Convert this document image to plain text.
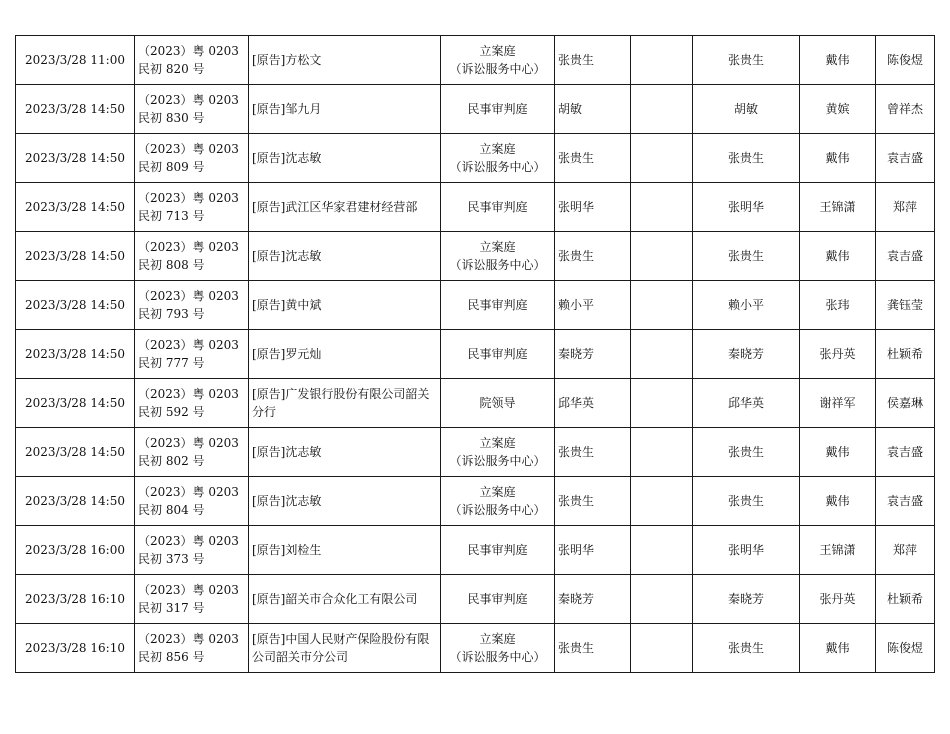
2023/3/28 11:00	（2023）粤 0203
民初 820 号	[原告]方松文	立案庭
（诉讼服务中心）	张贵生		张贵生	戴伟	陈俊煜

2023/3/28 14:50	（2023）粤 0203
民初 830 号	[原告]邹九月	民事审判庭	胡敏		胡敏	黄嫔	曾祥杰

2023/3/28 14:50	（2023）粤 0203
民初 809 号	[原告]沈志敏	立案庭
（诉讼服务中心）	张贵生		张贵生	戴伟	袁吉盛

2023/3/28 14:50	（2023）粤 0203
民初 713 号	[原告]武江区华家君建材经营部	民事审判庭	张明华		张明华	王锦潇	郑萍

2023/3/28 14:50	（2023）粤 0203
民初 808 号	[原告]沈志敏	立案庭
（诉讼服务中心）	张贵生		张贵生	戴伟	袁吉盛

2023/3/28 14:50	（2023）粤 0203
民初 793 号	[原告]黄中斌	民事审判庭	赖小平		赖小平	张玮	龚钰莹

2023/3/28 14:50	（2023）粤 0203
民初 777 号	[原告]罗元灿	民事审判庭	秦晓芳		秦晓芳	张丹英	杜颖希

2023/3/28 14:50	（2023）粤 0203
民初 592 号	[原告]广发银行股份有限公司韶关分行	院领导	邱华英		邱华英	谢祥军	侯嘉琳

2023/3/28 14:50	（2023）粤 0203
民初 802 号	[原告]沈志敏	立案庭
（诉讼服务中心）	张贵生		张贵生	戴伟	袁吉盛

2023/3/28 14:50	（2023）粤 0203
民初 804 号	[原告]沈志敏	立案庭
（诉讼服务中心）	张贵生		张贵生	戴伟	袁吉盛

2023/3/28 16:00	（2023）粤 0203
民初 373 号	[原告]刘检生	民事审判庭	张明华		张明华	王锦潇	郑萍

2023/3/28 16:10	（2023）粤 0203
民初 317 号	[原告]韶关市合众化工有限公司	民事审判庭	秦晓芳		秦晓芳	张丹英	杜颖希

2023/3/28 16:10	（2023）粤 0203
民初 856 号	[原告]中国人民财产保险股份有限公司韶关市分公司	立案庭
（诉讼服务中心）	张贵生		张贵生	戴伟	陈俊煜
